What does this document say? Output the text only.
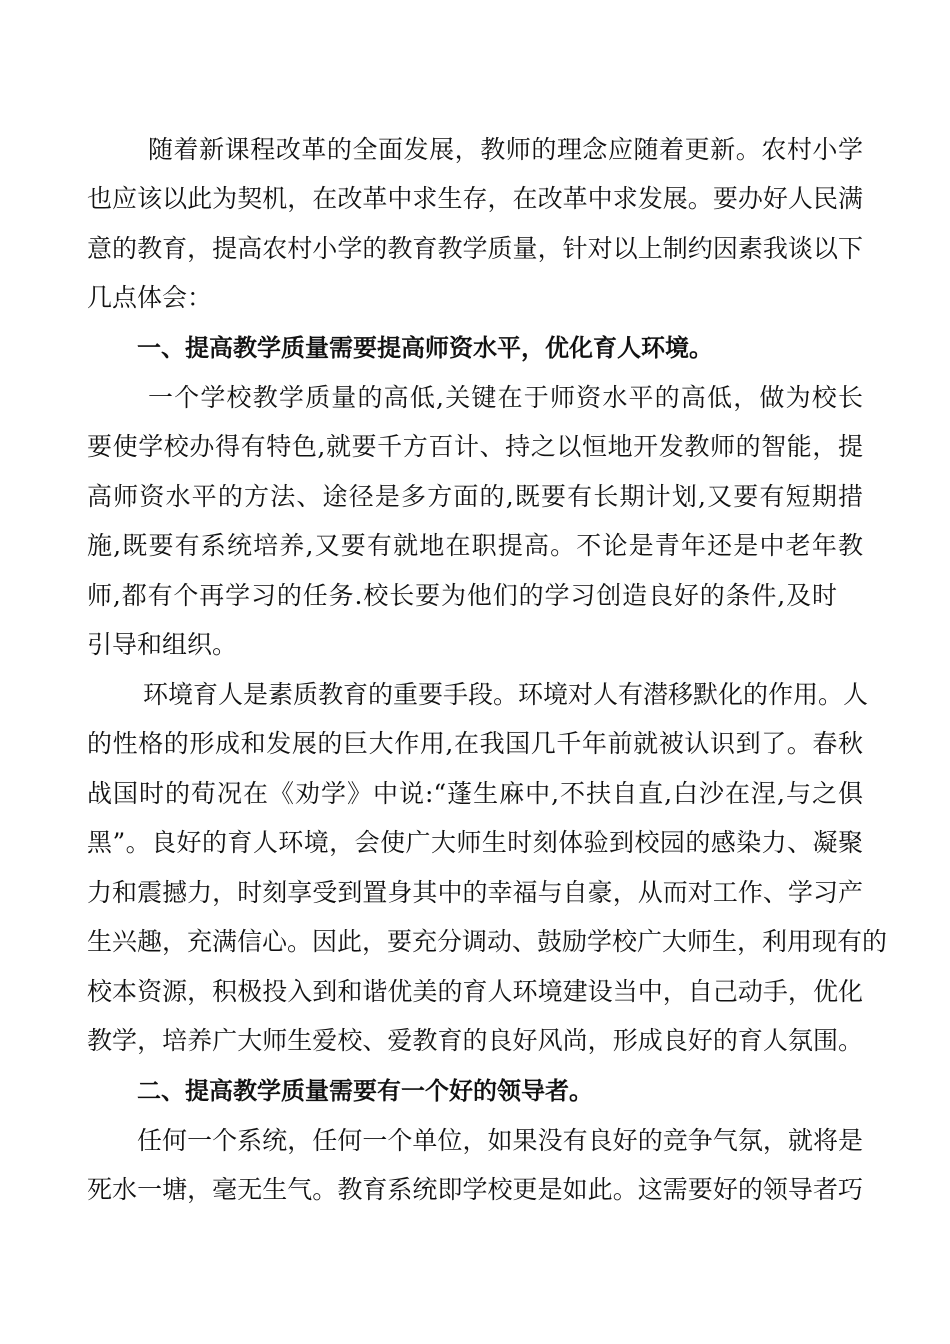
随着新课程改革的全面发展，教师的理念应随着更新。农村小学

也应该以此为契机，在改革中求生存，在改革中求发展。要办好人民满

意的教育，提高农村小学的教育教学质量，针对以上制约因素我谈以下

几点体会：

一、提高教学质量需要提高师资水平，优化育人环境。

一个学校教学质量的高低,关键在于师资水平的高低，做为校长

要使学校办得有特色,就要千方百计、持之以恒地开发教师的智能，提

高师资水平的方法、途径是多方面的,既要有长期计划,又要有短期措

施,既要有系统培养,又要有就地在职提高。不论是青年还是中老年教

师,都有个再学习的任务.校长要为他们的学习创造良好的条件,及时

引导和组织。

环境育人是素质教育的重要手段。环境对人有潜移默化的作用。人

的性格的形成和发展的巨大作用,在我国几千年前就被认识到了。春秋

战国时的荀况在《劝学》中说:“蓬生麻中,不扶自直,白沙在涅,与之俱

黑”。良好的育人环境，会使广大师生时刻体验到校园的感染力、凝聚

力和震撼力，时刻享受到置身其中的幸福与自豪，从而对工作、学习产

生兴趣，充满信心。因此，要充分调动、鼓励学校广大师生，利用现有的

校本资源，积极投入到和谐优美的育人环境建设当中，自己动手，优化

教学，培养广大师生爱校、爱教育的良好风尚，形成良好的育人氛围。

二、提高教学质量需要有一个好的领导者。

任何一个系统，任何一个单位，如果没有良好的竞争气氛，就将是

死水一塘，毫无生气。教育系统即学校更是如此。这需要好的领导者巧
